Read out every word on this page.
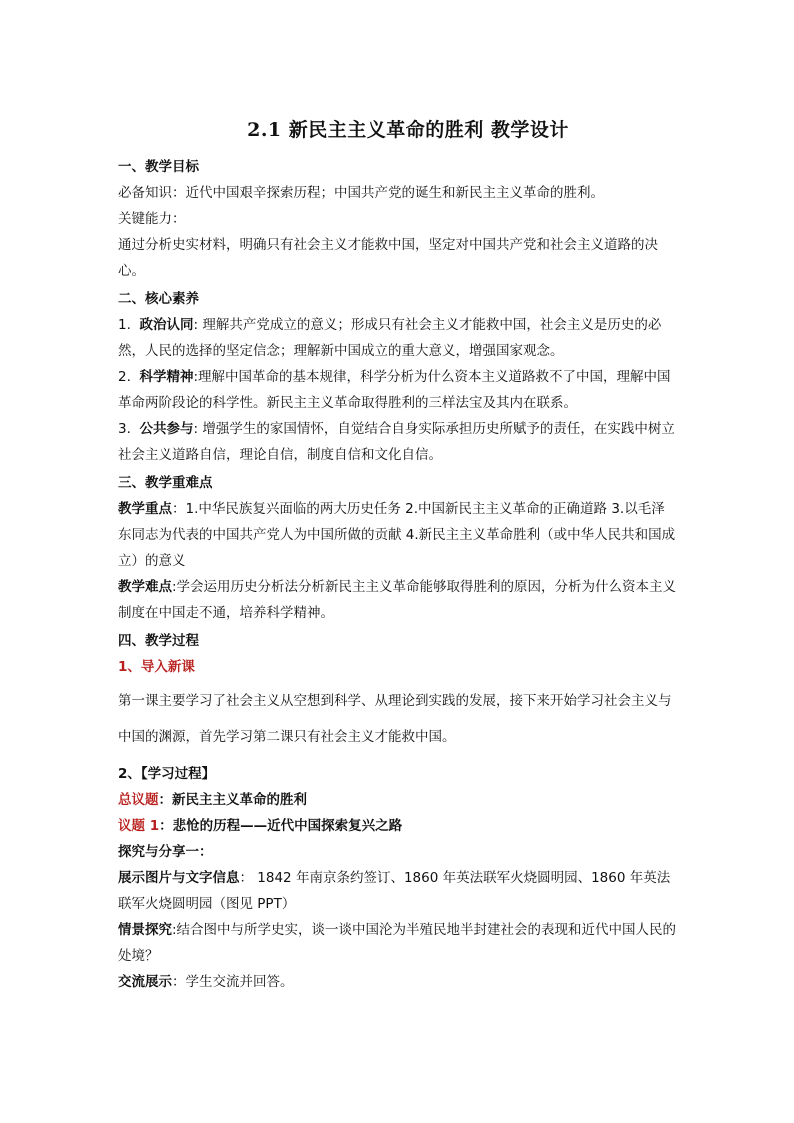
2.1 新民主主义革命的胜利 教学设计

一、教学目标

必备知识：近代中国艰辛探索历程；中国共产党的诞生和新民主主义革命的胜利。

关键能力：

通过分析史实材料，明确只有社会主义才能救中国，坚定对中国共产党和社会主义道路的决心。

二、核心素养

1. 政治认同: 理解共产党成立的意义；形成只有社会主义才能救中国，社会主义是历史的必然，人民的选择的坚定信念；理解新中国成立的重大意义，增强国家观念。

2. 科学精神:理解中国革命的基本规律，科学分析为什么资本主义道路救不了中国，理解中国革命两阶段论的科学性。新民主主义革命取得胜利的三样法宝及其内在联系。

3. 公共参与: 增强学生的家国情怀，自觉结合自身实际承担历史所赋予的责任，在实践中树立社会主义道路自信，理论自信，制度自信和文化自信。

三、教学重难点

教学重点：1.中华民族复兴面临的两大历史任务 2.中国新民主主义革命的正确道路 3.以毛泽东同志为代表的中国共产党人为中国所做的贡献 4.新民主主义革命胜利（或中华人民共和国成立）的意义

教学难点:学会运用历史分析法分析新民主主义革命能够取得胜利的原因，分析为什么资本主义制度在中国走不通，培养科学精神。

四、教学过程

1、导入新课

第一课主要学习了社会主义从空想到科学、从理论到实践的发展，接下来开始学习社会主义与中国的渊源，首先学习第二课只有社会主义才能救中国。

2、【学习过程】

总议题：新民主主义革命的胜利

议题 1：悲怆的历程——近代中国探索复兴之路

探究与分享一：

展示图片与文字信息： 1842 年南京条约签订、1860 年英法联军火烧圆明园、1860 年英法联军火烧圆明园（图见 PPT）

情景探究:结合图中与所学史实，谈一谈中国沦为半殖民地半封建社会的表现和近代中国人民的处境？

交流展示：学生交流并回答。
